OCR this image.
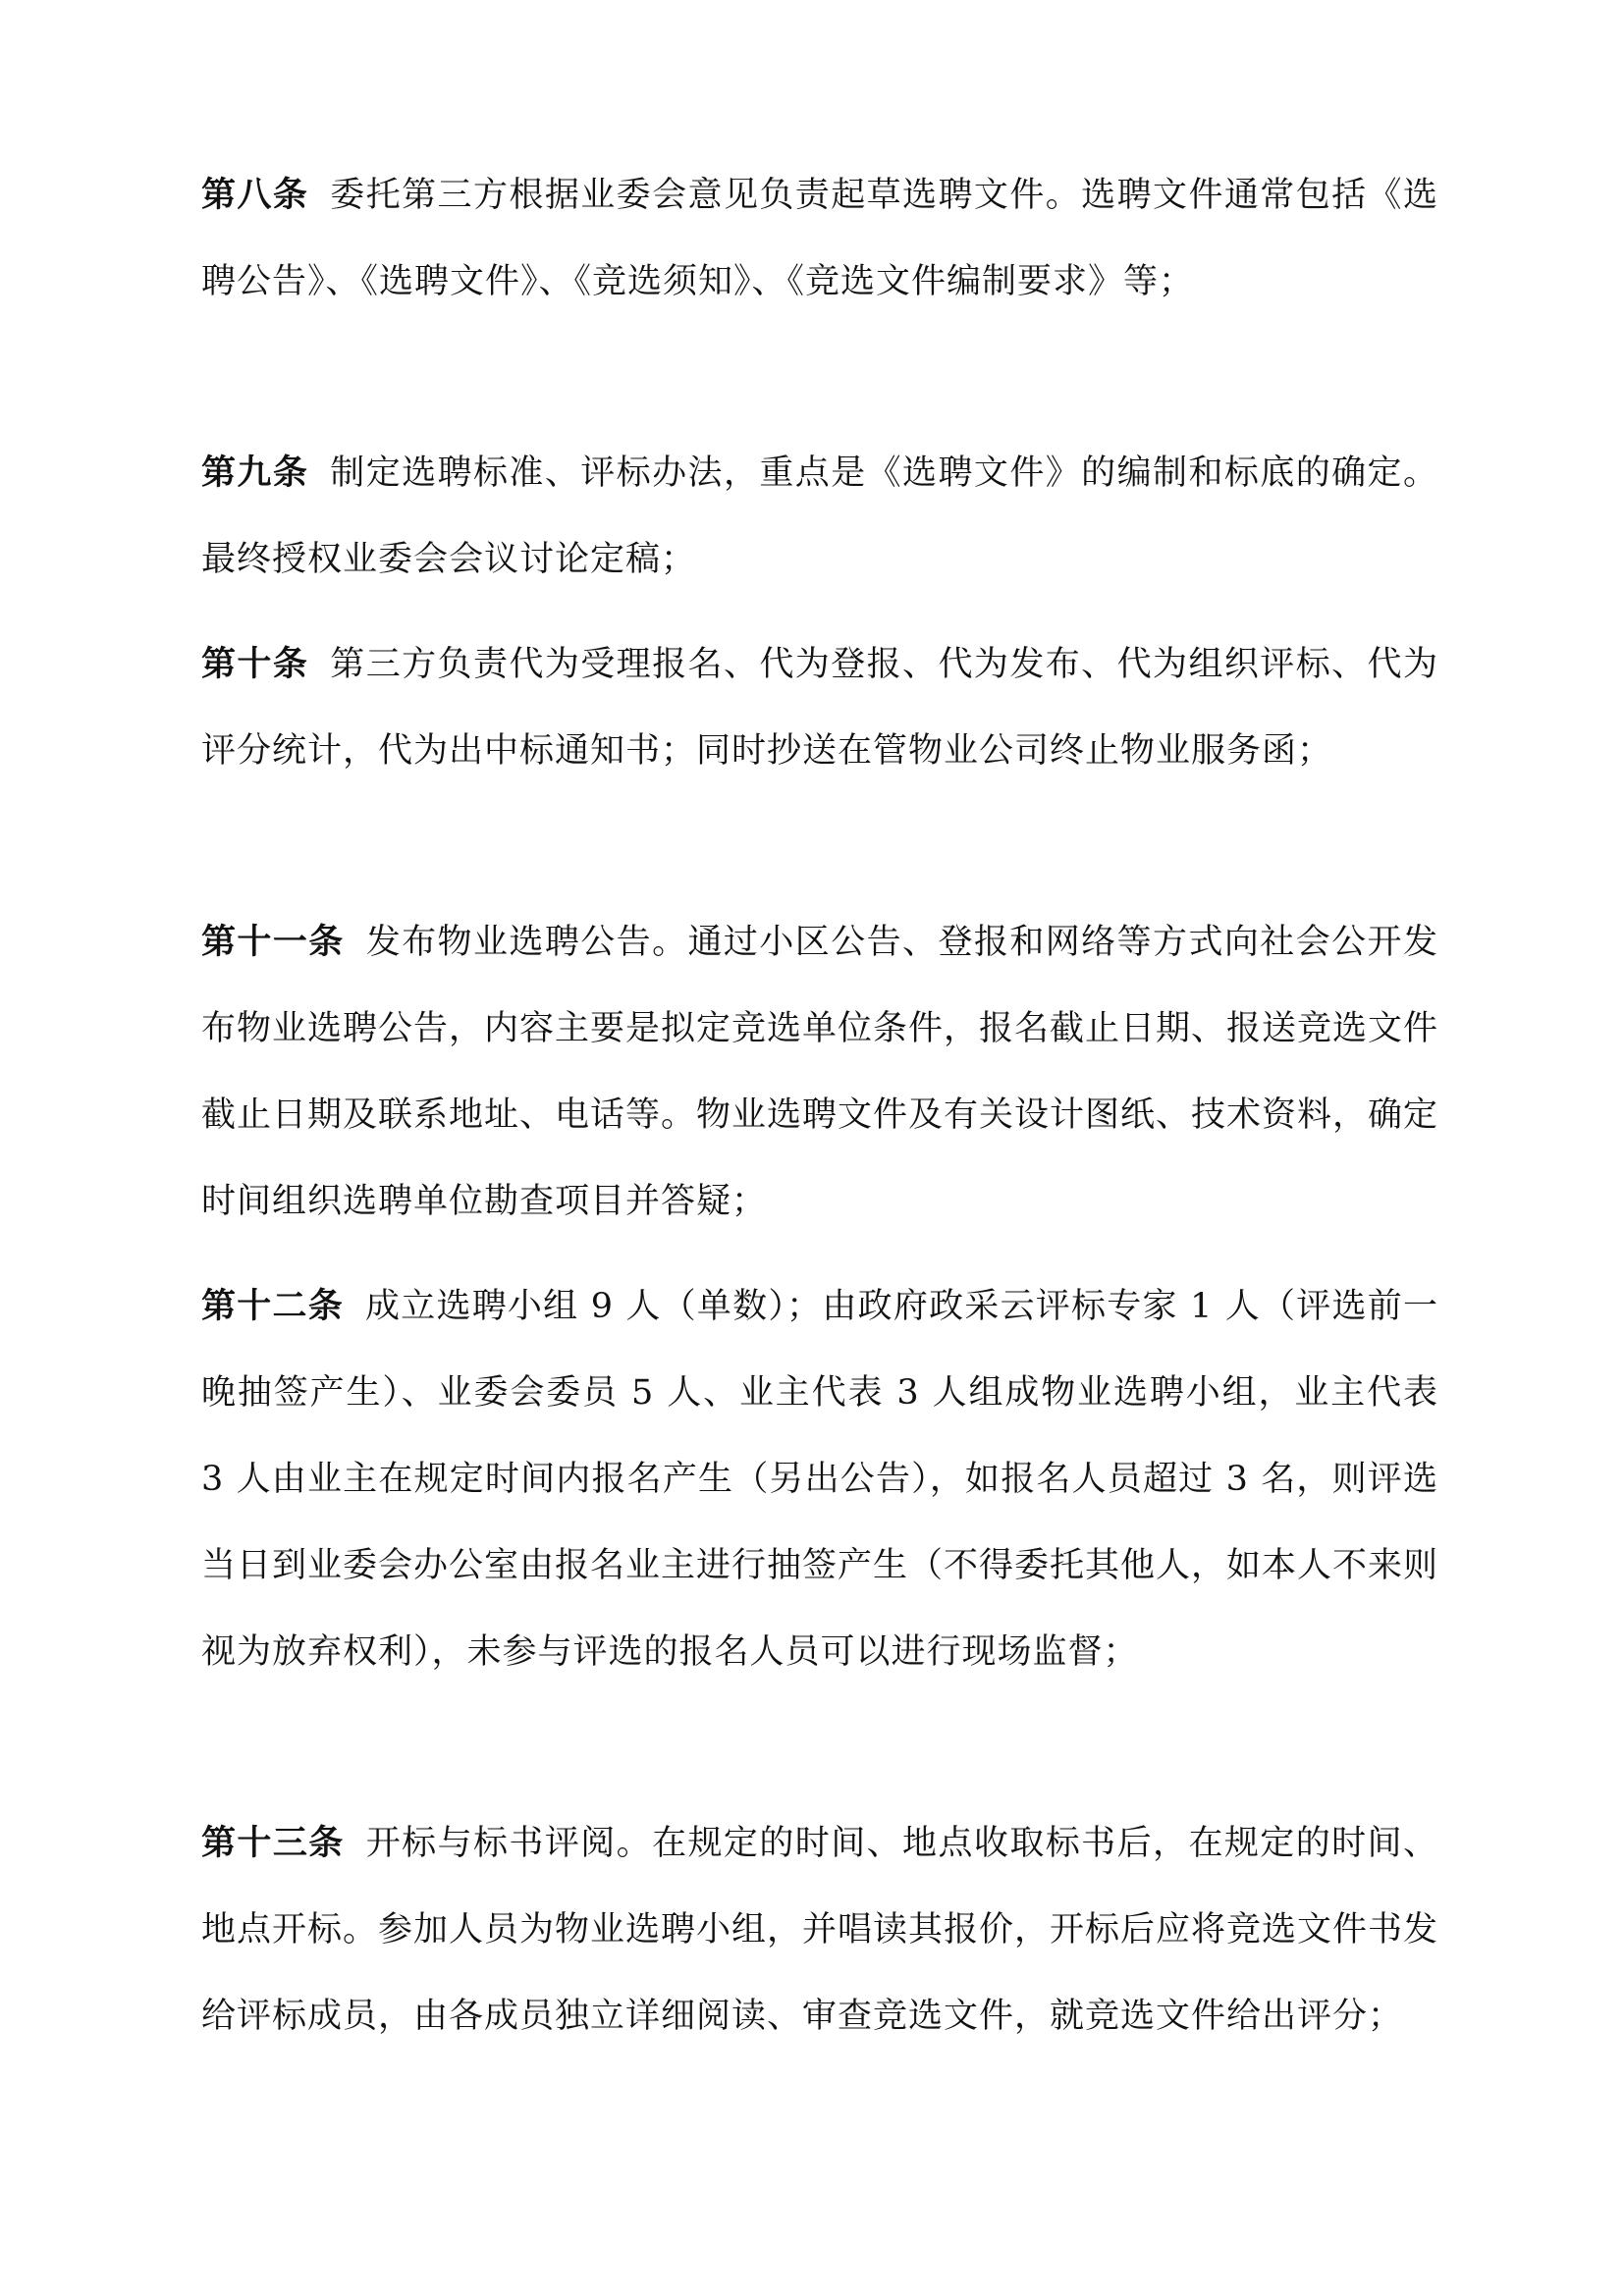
第八条 委托第三方根据业委会意见负责起草选聘文件。选聘文件通常包括《选聘公告》、《选聘文件》、《竞选须知》、《竞选文件编制要求》等；
第九条 制定选聘标准、评标办法，重点是《选聘文件》的编制和标底的确定。最终授权业委会会议讨论定稿；
第十条 第三方负责代为受理报名、代为登报、代为发布、代为组织评标、代为评分统计，代为出中标通知书；同时抄送在管物业公司终止物业服务函；
第十一条 发布物业选聘公告。通过小区公告、登报和网络等方式向社会公开发布物业选聘公告，内容主要是拟定竞选单位条件，报名截止日期、报送竞选文件截止日期及联系地址、电话等。物业选聘文件及有关设计图纸、技术资料，确定时间组织选聘单位勘查项目并答疑；
第十二条 成立选聘小组 9 人（单数）；由政府政采云评标专家 1 人（评选前一晚抽签产生）、业委会委员 5 人、业主代表 3 人组成物业选聘小组，业主代表 3 人由业主在规定时间内报名产生（另出公告），如报名人员超过 3 名，则评选当日到业委会办公室由报名业主进行抽签产生（不得委托其他人，如本人不来则视为放弃权利），未参与评选的报名人员可以进行现场监督；
第十三条 开标与标书评阅。在规定的时间、地点收取标书后，在规定的时间、地点开标。参加人员为物业选聘小组，并唱读其报价，开标后应将竞选文件书发给评标成员，由各成员独立详细阅读、审查竞选文件，就竞选文件给出评分；
